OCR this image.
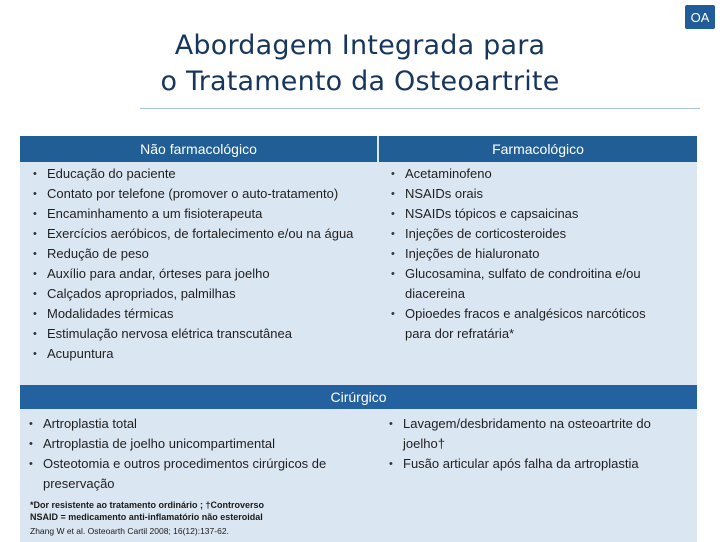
OA
Abordagem Integrada para
o Tratamento da Osteoartrite
Não farmacológico	Farmacológico
• Educação do paciente
• Contato por telefone (promover o auto-tratamento)
• Encaminhamento a um fisioterapeuta
• Exercícios aeróbicos, de fortalecimento e/ou na água
• Redução de peso
• Auxílio para andar, órteses para joelho
• Calçados apropriados, palmilhas
• Modalidades térmicas
• Estimulação nervosa elétrica transcutânea
• Acupuntura
• Acetaminofeno
• NSAIDs orais
• NSAIDs tópicos e capsaicinas
• Injeções de corticosteroides
• Injeções de hialuronato
• Glucosamina, sulfato de condroitina e/ou diacereina
• Opioedes fracos e analgésicos narcóticos para dor refratária*
Cirúrgico
• Artroplastia total
• Artroplastia de joelho unicompartimental
• Osteotomia e outros procedimentos cirúrgicos de preservação
• Lavagem/desbridamento na osteoartrite do joelho†
• Fusão articular após falha da artroplastia
*Dor resistente ao tratamento ordinário ; †Controverso
NSAID = medicamento anti-inflamatório não esteroidal
Zhang W et al. Osteoarth Cartil 2008; 16(12):137-62.
